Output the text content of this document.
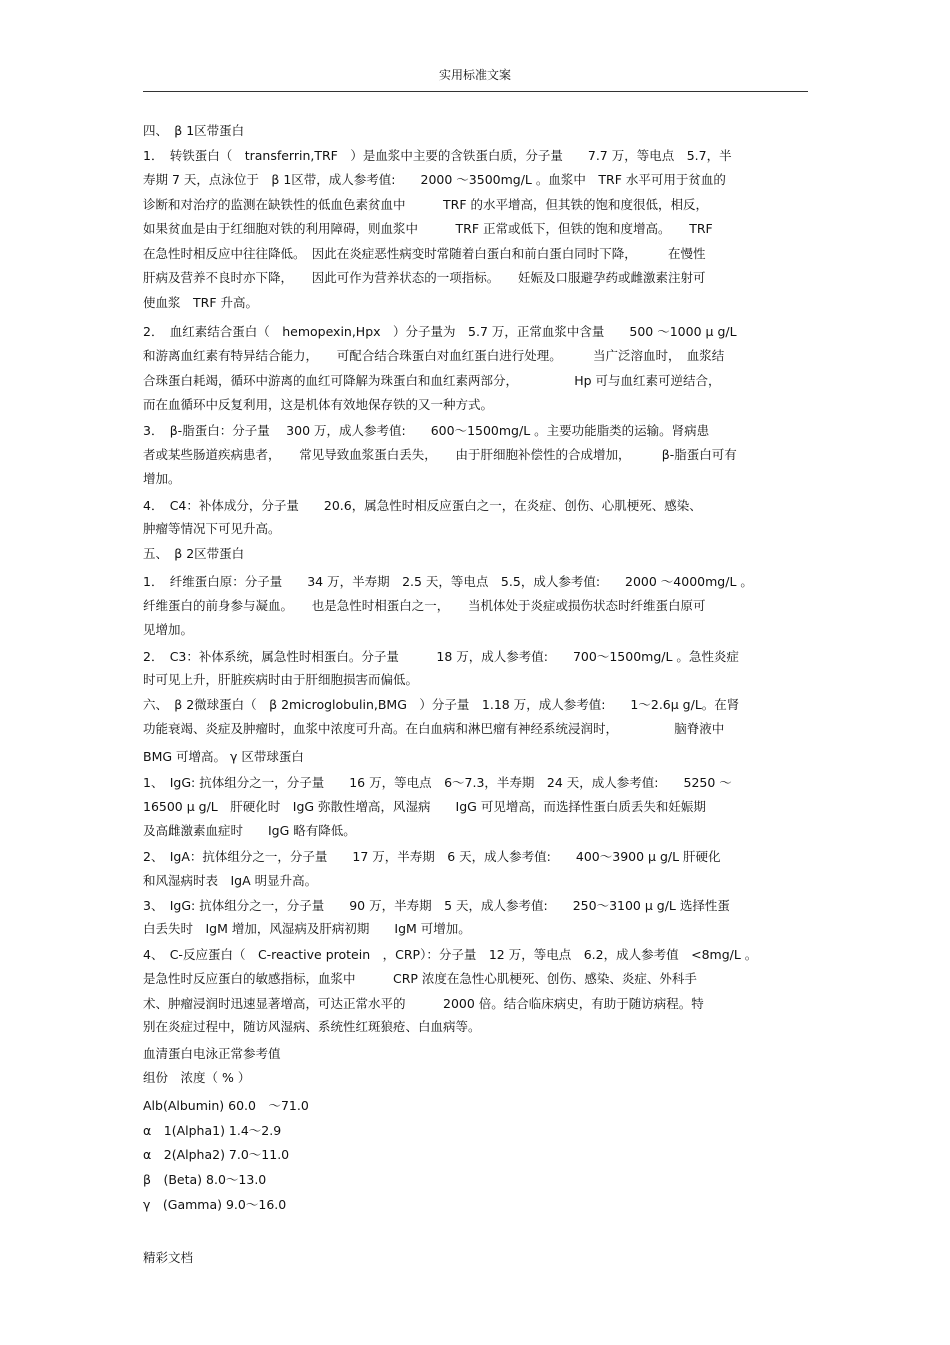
实用标准文案
四、　β 1区带蛋白
1．　转铁蛋白（　transferrin,TRF　）是血浆中主要的含铁蛋白质，分子量　　7.7 万，等电点　5.7，半
寿期 7 天，点泳位于　β 1区带，成人参考值:　　2000 ～3500mg/L 。血浆中　TRF 水平可用于贫血的
诊断和对治疗的监测在缺铁性的低血色素贫血中　　　TRF 的水平增高，但其铁的饱和度很低，相反，
如果贫血是由于红细胞对铁的利用障碍，则血浆中　　　TRF 正常或低下，但铁的饱和度增高。　　TRF
在急性时相反应中往往降低。　因此在炎症恶性病变时常随着白蛋白和前白蛋白同时下降，　　　在慢性
肝病及营养不良时亦下降，　　因此可作为营养状态的一项指标。　　妊娠及口服避孕药或雌激素注射可
使血浆　TRF 升高。
2．　血红素结合蛋白（　hemopexin,Hpx　）分子量为　5.7 万，正常血浆中含量　　500 ～1000 μ g/L
和游离血红素有特异结合能力，　　可配合结合珠蛋白对血红蛋白进行处理。　　　当广泛溶血时，　血浆结
合珠蛋白耗竭，循环中游离的血红可降解为珠蛋白和血红素两部分，　　　　　Hp 可与血红素可逆结合，
而在血循环中反复利用，这是机体有效地保存铁的又一种方式。
3．　β-脂蛋白：分子量　 300 万，成人参考值:　　600～1500mg/L 。主要功能脂类的运输。肾病患
者或某些肠道疾病患者，　　常见导致血浆蛋白丢失，　　由于肝细胞补偿性的合成增加，　　　β-脂蛋白可有
增加。
4．　C4：补体成分，分子量　　20.6，属急性时相反应蛋白之一，在炎症、创伤、心肌梗死、感染、
肿瘤等情况下可见升高。
五、　β 2区带蛋白
1．　纤维蛋白原：分子量　　34 万，半寿期　2.5 天，等电点　5.5，成人参考值:　　2000 ～4000mg/L 。
纤维蛋白的前身参与凝血。　　也是急性时相蛋白之一，　　当机体处于炎症或损伤状态时纤维蛋白原可
见增加。
2．　C3：补体系统，属急性时相蛋白。分子量　　　18 万，成人参考值:　　700～1500mg/L 。急性炎症
时可见上升，肝脏疾病时由于肝细胞损害而偏低。
六、　β 2微球蛋白（　β 2microglobulin,BMG　）分子量　1.18 万，成人参考值:　　1～2.6μ g/L。在肾
功能衰竭、炎症及肿瘤时，血浆中浓度可升高。在白血病和淋巴瘤有神经系统浸润时，　　　　　脑脊液中
BMG 可增高。 γ 区带球蛋白
1、　IgG: 抗体组分之一，分子量　　16 万，等电点　6～7.3，半寿期　24 天，成人参考值:　　5250 ～
16500 μ g/L　肝硬化时　IgG 弥散性增高，风湿病　　IgG 可见增高，而选择性蛋白质丢失和妊娠期
及高雌激素血症时　　IgG 略有降低。
2、　IgA：抗体组分之一，分子量　　17 万，半寿期　6 天，成人参考值:　　400～3900 μ g/L 肝硬化
和风湿病时表　IgA 明显升高。
3、　IgG: 抗体组分之一，分子量　　90 万，半寿期　5 天，成人参考值:　　250～3100 μ g/L 选择性蛋
白丢失时　IgM 增加，风湿病及肝病初期　　IgM 可增加。
4、　C-反应蛋白（　C-reactive protein　，CRP）：分子量　12 万，等电点　6.2，成人参考值　<8mg/L 。
是急性时反应蛋白的敏感指标，血浆中　　　CRP 浓度在急性心肌梗死、创伤、感染、炎症、外科手
术、肿瘤浸润时迅速显著增高，可达正常水平的　　　2000 倍。结合临床病史，有助于随访病程。特
别在炎症过程中，随访风湿病、系统性红斑狼疮、白血病等。
血清蛋白电泳正常参考值
组份　浓度（ % ）
Alb(Albumin) 60.0　～71.0
α　1(Alpha1) 1.4～2.9
α　2(Alpha2) 7.0～11.0
β　(Beta) 8.0～13.0
γ　(Gamma) 9.0～16.0
精彩文档
